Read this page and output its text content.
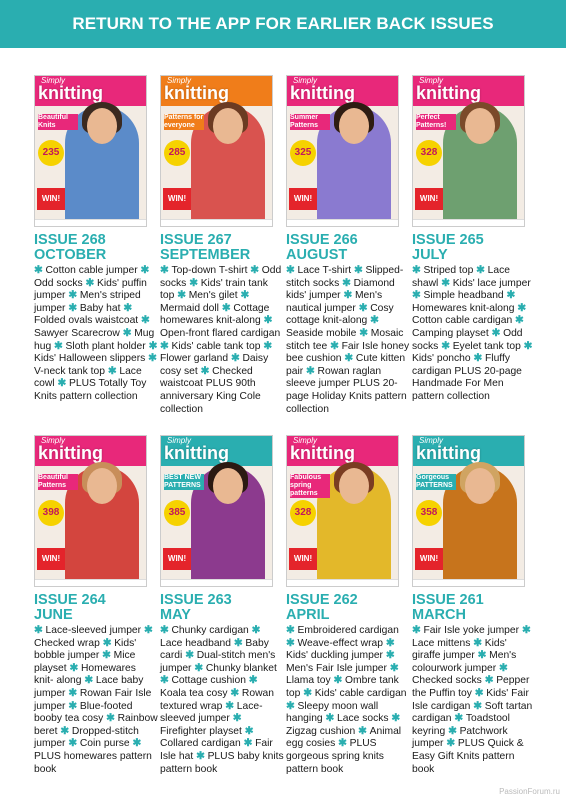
RETURN TO THE APP FOR EARLIER BACK ISSUES
knitting
Simply
Beautiful Knits
235
WIN!
ISSUE 268
OCTOBER
✱ Cotton cable jumper ✱ Odd socks ✱ Kids' puffin jumper ✱ Men's striped jumper ✱ Baby hat ✱ Folded ovals waistcoat ✱ Sawyer Scarecrow ✱ Mug hug ✱ Sloth plant holder ✱ Kids' Halloween slippers ✱ V-neck tank top ✱ Lace cowl ✱ PLUS Totally Toy Knits pattern collection
knitting
Simply
Patterns for everyone
285
WIN!
ISSUE 267
SEPTEMBER
✱ Top-down T-shirt ✱ Odd socks ✱ Kids' train tank top ✱ Men's gilet ✱ Mermaid doll ✱ Cottage homewares knit-along ✱ Open-front flared cardigan ✱ Kids' cable tank top ✱ Flower garland ✱ Daisy cosy set ✱ Checked waistcoat PLUS 90th anniversary King Cole collection
knitting
Simply
Summer Patterns
325
WIN!
ISSUE 266
AUGUST
✱ Lace T-shirt ✱ Slipped-stitch socks ✱ Diamond kids' jumper ✱ Men's nautical jumper ✱ Cosy cottage knit-along ✱ Seaside mobile ✱ Mosaic stitch tee ✱ Fair Isle honey bee cushion ✱ Cute kitten pair ✱ Rowan raglan sleeve jumper PLUS 20-page Holiday Knits pattern collection
knitting
Simply
Perfect Patterns!
328
WIN!
ISSUE 265
JULY
✱ Striped top ✱ Lace shawl ✱ Kids' lace jumper ✱ Simple headband ✱ Homewares knit-along ✱ Cotton cable cardigan ✱ Camping playset ✱ Odd socks ✱ Eyelet tank top ✱ Kids' poncho ✱ Fluffy cardigan PLUS 20-page Handmade For Men pattern collection
knitting
Simply
Beautiful Patterns
398
WIN!
ISSUE 264
JUNE
✱ Lace-sleeved jumper ✱ Checked wrap ✱ Kids' bobble jumper ✱ Mice playset ✱ Homewares knit- along ✱ Lace baby jumper ✱ Rowan Fair Isle jumper ✱ Blue-footed booby tea cosy ✱ Rainbow beret ✱ Dropped-stitch jumper ✱ Coin purse ✱ PLUS homewares pattern book
knitting
Simply
BEST NEW PATTERNS
385
WIN!
ISSUE 263
MAY
✱ Chunky cardigan ✱ Lace headband ✱ Baby cardi ✱ Dual-stitch men's jumper ✱ Chunky blanket ✱ Cottage cushion ✱ Koala tea cosy ✱ Rowan textured wrap ✱ Lace-sleeved jumper ✱ Firefighter playset ✱ Collared cardigan ✱ Fair Isle hat ✱ PLUS baby knits pattern book
knitting
Simply
Fabulous spring patterns
328
WIN!
ISSUE 262
APRIL
✱ Embroidered cardigan ✱ Weave-effect wrap ✱ Kids' duckling jumper ✱ Men's Fair Isle jumper ✱ Llama toy ✱ Ombre tank top ✱ Kids' cable cardigan ✱ Sleepy moon wall hanging ✱ Lace socks ✱ Zigzag cushion ✱ Animal egg cosies ✱ PLUS gorgeous spring knits pattern book
knitting
Simply
Gorgeous PATTERNS
358
WIN!
ISSUE 261
MARCH
✱ Fair Isle yoke jumper ✱ Lace mittens ✱ Kids' giraffe jumper ✱ Men's colourwork jumper ✱ Checked socks ✱ Pepper the Puffin toy ✱ Kids' Fair Isle cardigan ✱ Soft tartan cardigan ✱ Toadstool keyring ✱ Patchwork jumper ✱ PLUS Quick & Easy Gift Knits pattern book
PassionForum.ru
